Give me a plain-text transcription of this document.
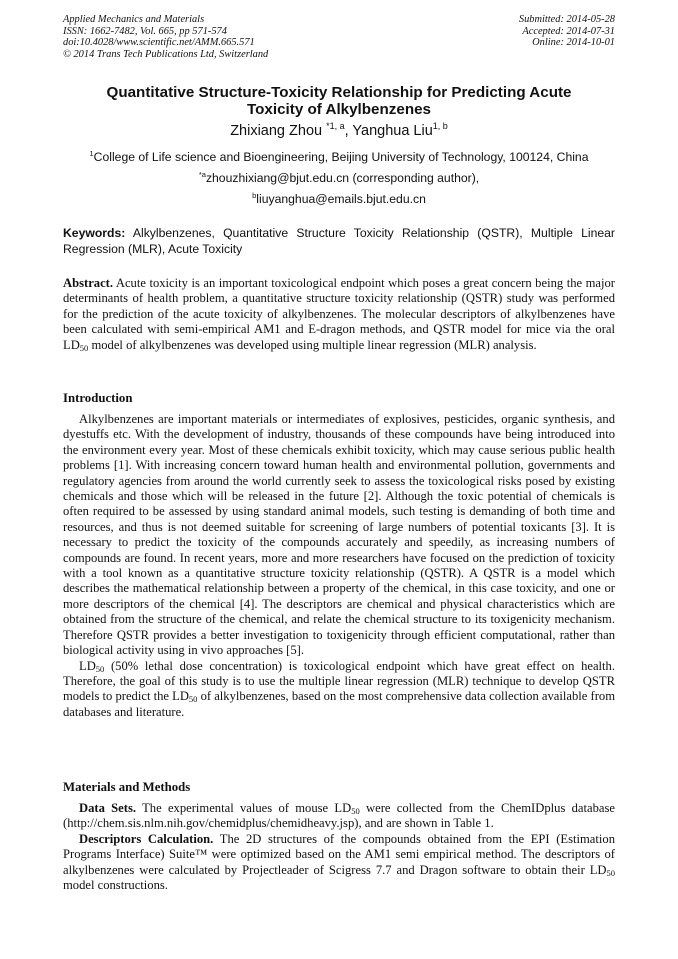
Applied Mechanics and Materials
ISSN: 1662-7482, Vol. 665, pp 571-574
doi:10.4028/www.scientific.net/AMM.665.571
© 2014 Trans Tech Publications Ltd, Switzerland
Submitted: 2014-05-28
Accepted: 2014-07-31
Online: 2014-10-01
Quantitative Structure-Toxicity Relationship for Predicting Acute
Toxicity of Alkylbenzenes
Zhixiang Zhou $^{*1, a}$, Yanghua Liu$^{1, b}$
$^1$College of Life science and Bioengineering, Beijing University of Technology, 100124, China
$^{*a}$zhouzhixiang@bjut.edu.cn (corresponding author),
$^b$liuyanghua@emails.bjut.edu.cn
Keywords: Alkylbenzenes, Quantitative Structure Toxicity Relationship (QSTR), Multiple Linear Regression (MLR), Acute Toxicity
Abstract. Acute toxicity is an important toxicological endpoint which poses a great concern being the major determinants of health problem, a quantitative structure toxicity relationship (QSTR) study was performed for the prediction of the acute toxicity of alkylbenzenes. The molecular descriptors of alkylbenzenes have been calculated with semi-empirical AM1 and E-dragon methods, and QSTR model for mice via the oral $LD_{50}$ model of alkylbenzenes was developed using multiple linear regression (MLR) analysis.
Introduction

Alkylbenzenes are important materials or intermediates of explosives, pesticides, organic synthesis, and dyestuffs etc. With the development of industry, thousands of these compounds have being introduced into the environment every year. Most of these chemicals exhibit toxicity, which may cause serious public health problems [1]. With increasing concern toward human health and environmental pollution, governments and regulatory agencies from around the world currently seek to assess the toxicological risks posed by existing chemicals and those which will be released in the future [2]. Although the toxic potential of chemicals is often required to be assessed by using standard animal models, such testing is demanding of both time and resources, and thus is not deemed suitable for screening of large numbers of potential toxicants [3]. It is necessary to predict the toxicity of the compounds accurately and speedily, as increasing numbers of compounds are found. In recent years, more and more researchers have focused on the prediction of toxicity with a tool known as a quantitative structure toxicity relationship (QSTR). A QSTR is a model which describes the mathematical relationship between a property of the chemical, in this case toxicity, and one or more descriptors of the chemical [4]. The descriptors are chemical and physical characteristics which are obtained from the structure of the chemical, and relate the chemical structure to its toxigenicity mechanism. Therefore QSTR provides a better investigation to toxigenicity through efficient computational, rather than biological activity using in vivo approaches [5].

$LD_{50}$ (50% lethal dose concentration) is toxicological endpoint which have great effect on health. Therefore, the goal of this study is to use the multiple linear regression (MLR) technique to develop QSTR models to predict the $LD_{50}$ of alkylbenzenes, based on the most comprehensive data collection available from databases and literature.

Materials and Methods

Data Sets. The experimental values of mouse $LD_{50}$ were collected from the ChemIDplus database (http://chem.sis.nlm.nih.gov/chemidplus/chemidheavy.jsp), and are shown in Table 1.

Descriptors Calculation. The 2D structures of the compounds obtained from the EPI (Estimation Programs Interface) Suite™ were optimized based on the AM1 semi empirical method. The descriptors of alkylbenzenes were calculated by Projectleader of Scigress 7.7 and Dragon software to obtain their $LD_{50}$ model constructions.
